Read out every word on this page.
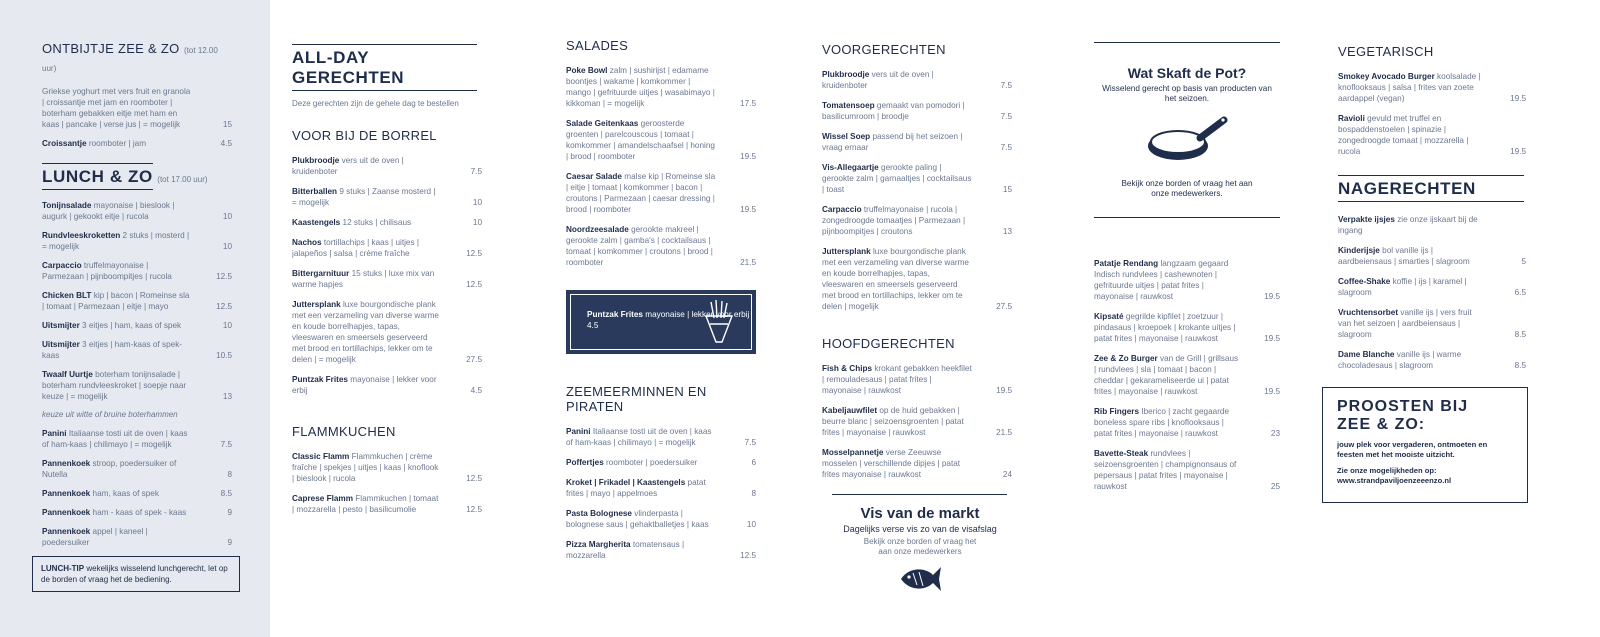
ONTBIJTJE ZEE & ZO (tot 12.00 uur)
Griekse yoghurt met vers fruit en granola | croissantje met jam en roomboter | boterham gebakken eitje met ham en kaas | pancake | verse jus | = mogelijk	15
Croissantje roomboter | jam	4.5
LUNCH & ZO (tot 17.00 uur)
Tonijnsalade mayonaise | bieslook | augurk | gekookt eitje | rucola	10
Rundvleeskroketten 2 stuks | mosterd | = mogelijk	10
Carpaccio truffelmayonaise | Parmezaan | pijnboompitjes | rucola	12.5
Chicken BLT kip | bacon | Romeinse sla | tomaat | Parmezaan | eitje | mayo	12.5
Uitsmijter 3 eitjes | ham, kaas of spek	10
Uitsmijter 3 eitjes | ham-kaas of spek-kaas	10.5
Twaalf Uurtje boterham tonijnsalade | boterham rundvleeskroket | soepje naar keuze | = mogelijk	13
keuze uit witte of bruine boterhammen
Panini Italiaanse tosti uit de oven | kaas of ham-kaas | chilimayo | = mogelijk	7.5
Pannenkoek stroop, poedersuiker of Nutella	8
Pannenkoek ham, kaas of spek	8.5
Pannenkoek ham - kaas of spek - kaas	9
Pannenkoek appel | kaneel | poedersuiker	9
LUNCH-TIP wekelijks wisselend lunchgerecht, let op de borden of vraag het de bediening.
ALL-DAY GERECHTEN
Deze gerechten zijn de gehele dag te bestellen
VOOR BIJ DE BORREL
Plukbroodje vers uit de oven | kruidenboter	7.5
Bitterballen 9 stuks | Zaanse mosterd | = mogelijk	10
Kaastengels 12 stuks | chilisaus	10
Nachos tortillachips | kaas | uitjes | jalapeños | salsa | crème fraîche	12.5
Bittergarnituur 15 stuks | luxe mix van warme hapjes	12.5
Juttersplank luxe bourgondische plank met een verzameling van diverse warme en koude borrelhapjes, tapas, vleeswaren en smeersels geserveerd met brood en tortillachips, lekker om te delen | = mogelijk	27.5
Puntzak Frites mayonaise | lekker voor erbij	4.5
FLAMMKUCHEN
Classic Flamm Flammkuchen | crème fraîche | spekjes | uitjes | kaas | knoflook | bieslook | rucola	12.5
Caprese Flamm Flammkuchen | tomaat | mozzarella | pesto | basilicumolie	12.5
SALADES
Poke Bowl zalm | sushirijst | edamame boontjes | wakame | komkommer | mango | gefrituurde uitjes | wasabimayo | kikkoman | = mogelijk	17.5
Salade Geitenkaas geroosterde groenten | parelcouscous | tomaat | komkommer | amandelschaafsel | honing | brood | roomboter	19.5
Caesar Salade malse kip | Romeinse sla | eitje | tomaat | komkommer | bacon | croutons | Parmezaan | caesar dressing | brood | roomboter	19.5
Noordzeesalade gerookte makreel | gerookte zalm | gamba's | cocktailsaus | tomaat | komkommer | croutons | brood | roomboter	21.5
Puntzak Frites mayonaise | lekker voor erbij 4.5
ZEEMEERMINNEN EN PIRATEN
Panini Italiaanse tosti uit de oven | kaas of ham-kaas | chilimayo | = mogelijk	7.5
Poffertjes roomboter | poedersuiker	6
Kroket | Frikadel | Kaastengels patat frites | mayo | appelmoes	8
Pasta Bolognese vlinderpasta | bolognese saus | gehaktballetjes | kaas	10
Pizza Margherita tomatensaus | mozzarella	12.5
VOORGERECHTEN
Plukbroodje vers uit de oven | kruidenboter	7.5
Tomatensoep gemaakt van pomodori | basilicumroom | broodje	7.5
Wissel Soep passend bij het seizoen | vraag ernaar	7.5
Vis-Allegaartje gerookte paling | gerookte zalm | garnaaltjes | cocktailsaus | toast	15
Carpaccio truffelmayonaise | rucola | zongedroogde tomaatjes | Parmezaan | pijnboompitjes | croutons	13
Juttersplank luxe bourgondische plank met een verzameling van diverse warme en koude borrelhapjes, tapas, vleeswaren en smeersels geserveerd met brood en tortillachips, lekker om te delen | mogelijk	27.5
HOOFDGERECHTEN
Fish & Chips krokant gebakken heekfilet | remouladesaus | patat frites | mayonaise | rauwkost	19.5
Kabeljauwfilet op de huid gebakken | beurre blanc | seizoensgroenten | patat frites | mayonaise | rauwkost	21.5
Mosselpannetje verse Zeeuwse mosselen | verschillende dipjes | patat frites mayonaise | rauwkost	24
Vis van de markt
Dagelijks verse vis zo van de visafslag
Bekijk onze borden of vraag het aan onze medewerkers
Wat Skaft de Pot?
Wisselend gerecht op basis van producten van het seizoen.
Bekijk onze borden of vraag het aan onze medewerkers.
Patatje Rendang langzaam gegaard Indisch rundvlees | cashewnoten | gefrituurde uitjes | patat frites | mayonaise | rauwkost	19.5
Kipsaté gegrilde kipfilet | zoetzuur | pindasaus | kroepoek | krokante uitjes | patat frites | mayonaise | rauwkost	19.5
Zee & Zo Burger van de Grill | grillsaus | rundvlees | sla | tomaat | bacon | cheddar | gekarameliseerde ui | patat frites | mayonaise | rauwkost	19.5
Rib Fingers Iberico | zacht gegaarde boneless spare ribs | knoflooksaus | patat frites | mayonaise | rauwkost	23
Bavette-Steak rundvlees | seizoensgroenten | champignonsaus of pepersaus | patat frites | mayonaise | rauwkost	25
VEGETARISCH
Smokey Avocado Burger koolsalade | knoflooksaus | salsa | frites van zoete aardappel (vegan)	19.5
Ravioli gevuld met truffel en bospaddenstoelen | spinazie | zongedroogde tomaat | mozzarella | rucola	19.5
NAGERECHTEN
Verpakte ijsjes zie onze ijskaart bij de ingang
Kinderijsje bol vanille ijs | aardbeiensaus | smarties | slagroom	5
Coffee-Shake koffie | ijs | karamel | slagroom	6.5
Vruchtensorbet vanille ijs | vers fruit van het seizoen | aardbeiensaus | slagroom	8.5
Dame Blanche vanille ijs | warme chocoladesaus | slagroom	8.5
PROOSTEN BIJ
ZEE & ZO:
jouw plek voor vergaderen, ontmoeten en feesten met het mooiste uitzicht.
Zie onze mogelijkheden op:
www.strandpaviljoenzeeenzo.nl
